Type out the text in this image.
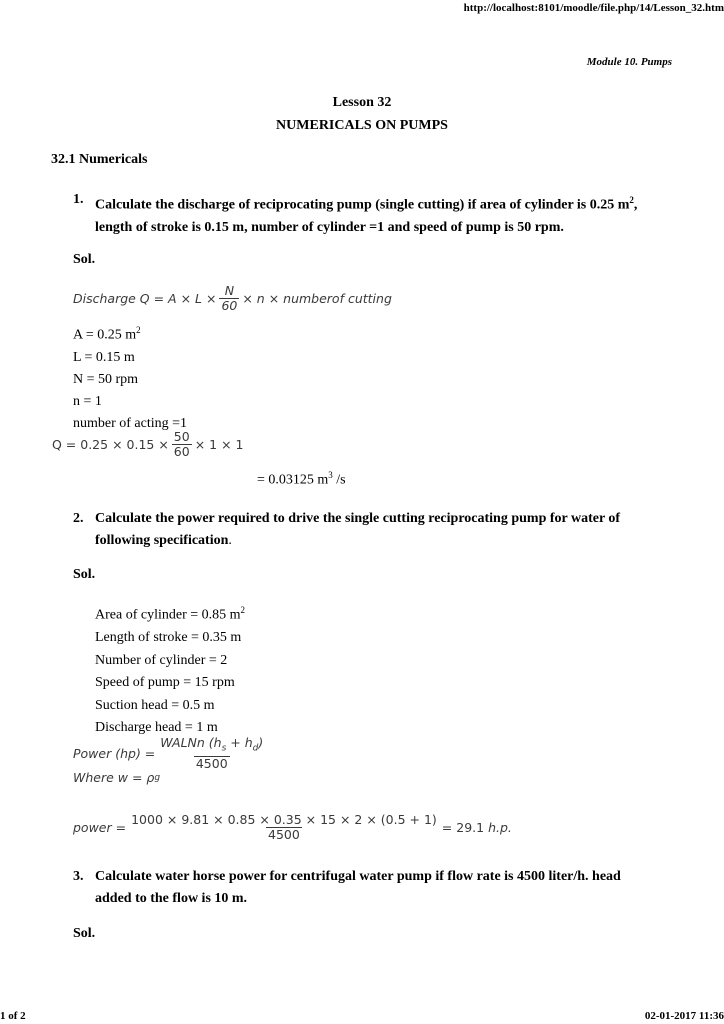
http://localhost:8101/moodle/file.php/14/Lesson_32.htm
Module 10. Pumps
Lesson 32
NUMERICALS ON PUMPS
32.1 Numericals
1. Calculate the discharge of reciprocating pump (single cutting) if area of cylinder is 0.25 $m^2$,
length of stroke is 0.15 m, number of cylinder =1 and speed of pump is 50 rpm.
Sol.
Discharge $Q = A \times L \times \frac{N}{60} \times n$ × numberof cutting
A = 0.25 $m^2$
L = 0.15 m
N = 50 rpm
n = 1
number of acting =1
$Q = 0.25 \times 0.15 \times \frac{50}{60} \times 1 \times 1$
= 0.03125 $m^3$ /s
2. Calculate the power required to drive the single cutting reciprocating pump for water of
following specification.
Sol.
Area of cylinder = 0.85 $m^2$
Length of stroke = 0.35 m
Number of cylinder = 2
Speed of pump = 15 rpm
Suction head = 0.5 m
Discharge head = 1 m
Power $(hp) = \frac{WALNn (h_s + h_d)}{4500}$
Where w = ρ g
power = $\frac{1000 \times 9.81 \times 0.85 \times 0.35 \times 15 \times 2 \times (0.5 + 1)}{4500} = 29.1$
h.p.
3. Calculate water horse power for centrifugal water pump if flow rate is 4500 liter/h. head
added to the flow is 10 m.
Sol.
1 of 2	02-01-2017 11:36
